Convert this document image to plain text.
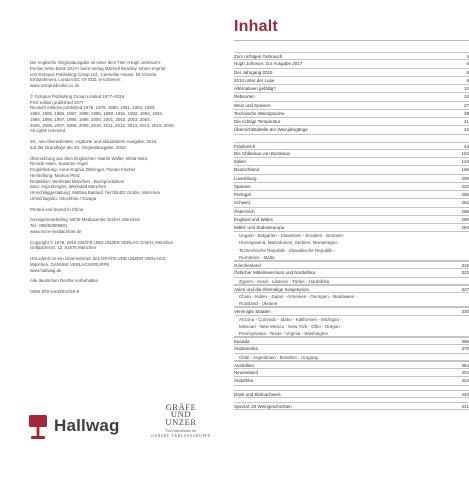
Die englische Originalausgabe ist unter dem Titel »Hugh Johnson's
Pocket Wine Book 2017« beim Verlag Mitchell Beazley, einem Imprint
von Octopus Publishing Group Ltd., Carmelite House, 50 Victoria
Embankment, London EC 4Y 0DZ, erschienen.
www.octopusbooks.co.uk
© Octopus Publishing Group Limited 1977–2016
First edition published 1977
Revised editions published 1978, 1979, 1980, 1981, 1982, 1983,
1984, 1985, 1986, 1987, 1988, 1989, 1990, 1991, 1992, 1993, 1994,
1995, 1996, 1997, 1998, 1999, 2000, 2001, 2002, 2003, 2004,
2005, 2006, 2007, 2008, 2009, 2010, 2011, 2012, 2013, 2014, 2015, 2016
All rights reserved
38., neu überarbeitete, ergänzte und aktualisierte Ausgabe, 2016,
auf der Grundlage der 40. Originalausgabe, 2016
Übersetzung aus dem Englischen: Martin Waller, Britta Nord,
Renate Haen, Susanne Vogel
Projektleitung: Anne-Sophia Zähringer, Florian Fischer
Herstellung: Markus Plötz
Redaktion: Werkstatt München - Buchproduktion
Satz: Anja Dengler, Werkstatt München
Umschlaggestaltung: Mattina Baldauf, herzblut02 GmbH, München
Umschlagfoto: iStockfoto / Givaga
Printed and bound in China
Anzeigenmarketing: MCM Mediacenter GmbH, München
Tel.: 089/92809601
www.mcm-mediacenter.de
Copyright © 1978, 2016 GRÄFE UND UNZER VERLAG GmbH, München
Grillparzerstr. 12, 81675 München
HALLWAG ist ein Unternehmen des GRÄFE UND UNZER VERLAGS,
München, GANSKE VERLAGSGRUPPE
www.hallwag.de
Alle deutschen Rechte vorbehalten
ISBN 978-3-8338-5720-8
Hallwag
GRÄFE
UND
UNZER
Ein Unternehmen der
GANSKE VERLAGSGRUPPE
Inhalt
Zum richtigen Gebrauch	4
Hugh Johnson: Zur Ausgabe 2017	6
Der Jahrgang 2015	8
2014 unter der Lupe	9
Alternativen gefällig?	10
Rebsorten	13
Wein und Speisen	27
Technische Weinsprache	39
Die richtige Temperatur	41
Übersichtstabelle der Weinjahrgänge	42
Frankreich	44
Die Châteaux von Bordeaux	104
Italien	134
Deutschland	166
Luxemburg	200
Spanien	232
Portugal	255
Schweiz	262
Österreich	286
England und Wales	290
Mittel- und Südosteuropa	294
Ungarn - Bulgarien - Slowenien - Kroatien - Bosnien-
Herzegowina, Mazedonien, Serbien, Montenegro -
Tschechische Republik - Slowakische Republik -
Rumänien - Malta
Griechenland	316
Östlicher Mittelmeerraum und Nordafrika	322
Zypern - Israel - Libanon - Türkei - Nordafrika
Asien und die ehemalige Sowjetunion	327
China - Indien - Japan - Armenien - Georgien - Moldawien -
Russland - Ukraine
Vereinigte Staaten	330
Arizona - Colorado - Idaho - Kalifornien - Michigan -
Missouri - New Mexico - New York - Ohio - Oregon -
Pennsylvania - Texas - Virginia - Washington
Kanada	366
Südamerika	370
Chile - Argentinien - Brasilien - Uruguay
Australien	384
Neuseeland	404
Südafrika	423
Dank und Bildnachweis	440
Spezial: 40 Weingeschichten	441
